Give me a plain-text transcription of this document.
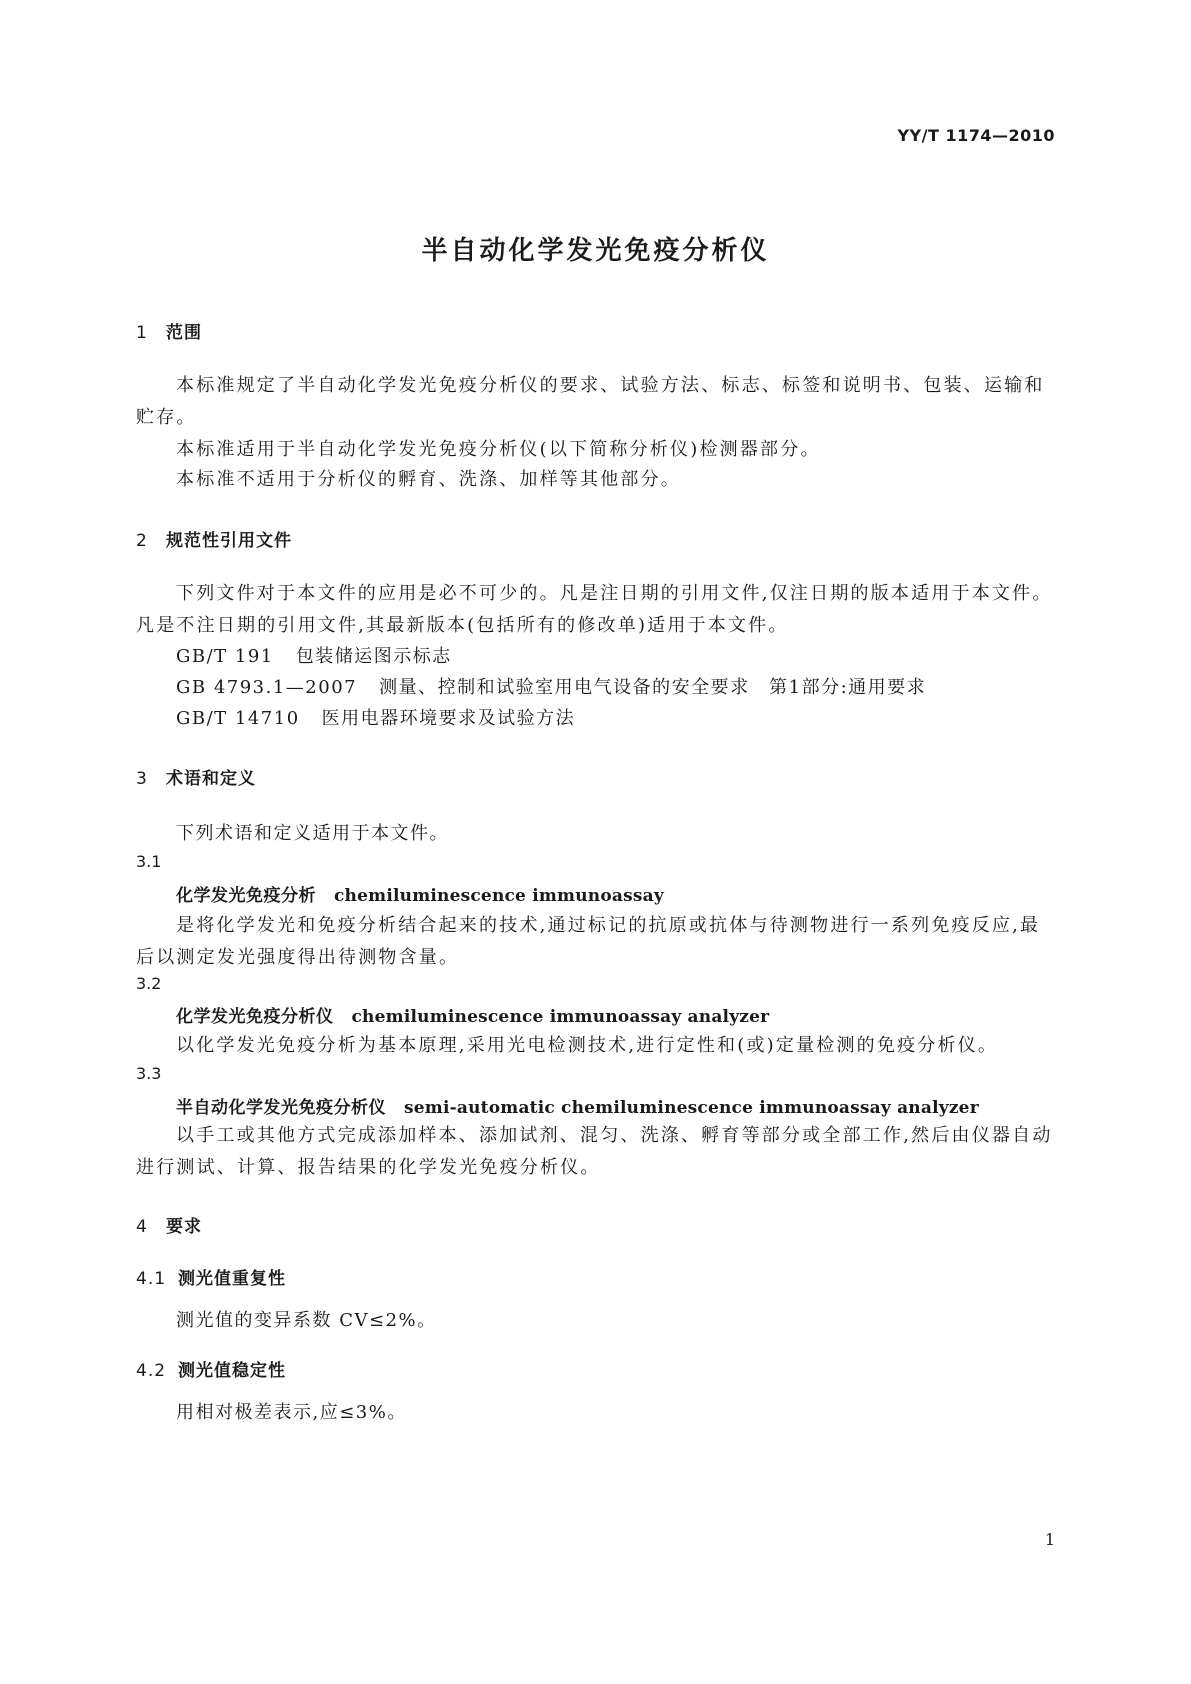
YY/T 1174—2010
半自动化学发光免疫分析仪
1 范围
本标准规定了半自动化学发光免疫分析仪的要求、试验方法、标志、标签和说明书、包装、运输和贮存。
本标准适用于半自动化学发光免疫分析仪(以下简称分析仪)检测器部分。
本标准不适用于分析仪的孵育、洗涤、加样等其他部分。
2 规范性引用文件
下列文件对于本文件的应用是必不可少的。凡是注日期的引用文件,仅注日期的版本适用于本文件。凡是不注日期的引用文件,其最新版本(包括所有的修改单)适用于本文件。
GB/T 191 包装储运图示标志
GB 4793.1—2007 测量、控制和试验室用电气设备的安全要求　第1部分:通用要求
GB/T 14710 医用电器环境要求及试验方法
3 术语和定义
下列术语和定义适用于本文件。
3.1
化学发光免疫分析 chemiluminescence immunoassay
是将化学发光和免疫分析结合起来的技术,通过标记的抗原或抗体与待测物进行一系列免疫反应,最后以测定发光强度得出待测物含量。
3.2
化学发光免疫分析仪 chemiluminescence immunoassay analyzer
以化学发光免疫分析为基本原理,采用光电检测技术,进行定性和(或)定量检测的免疫分析仪。
3.3
半自动化学发光免疫分析仪 semi-automatic chemiluminescence immunoassay analyzer
以手工或其他方式完成添加样本、添加试剂、混匀、洗涤、孵育等部分或全部工作,然后由仪器自动进行测试、计算、报告结果的化学发光免疫分析仪。
4 要求
4.1 测光值重复性
测光值的变异系数 CV≤2%。
4.2 测光值稳定性
用相对极差表示,应≤3%。
1
